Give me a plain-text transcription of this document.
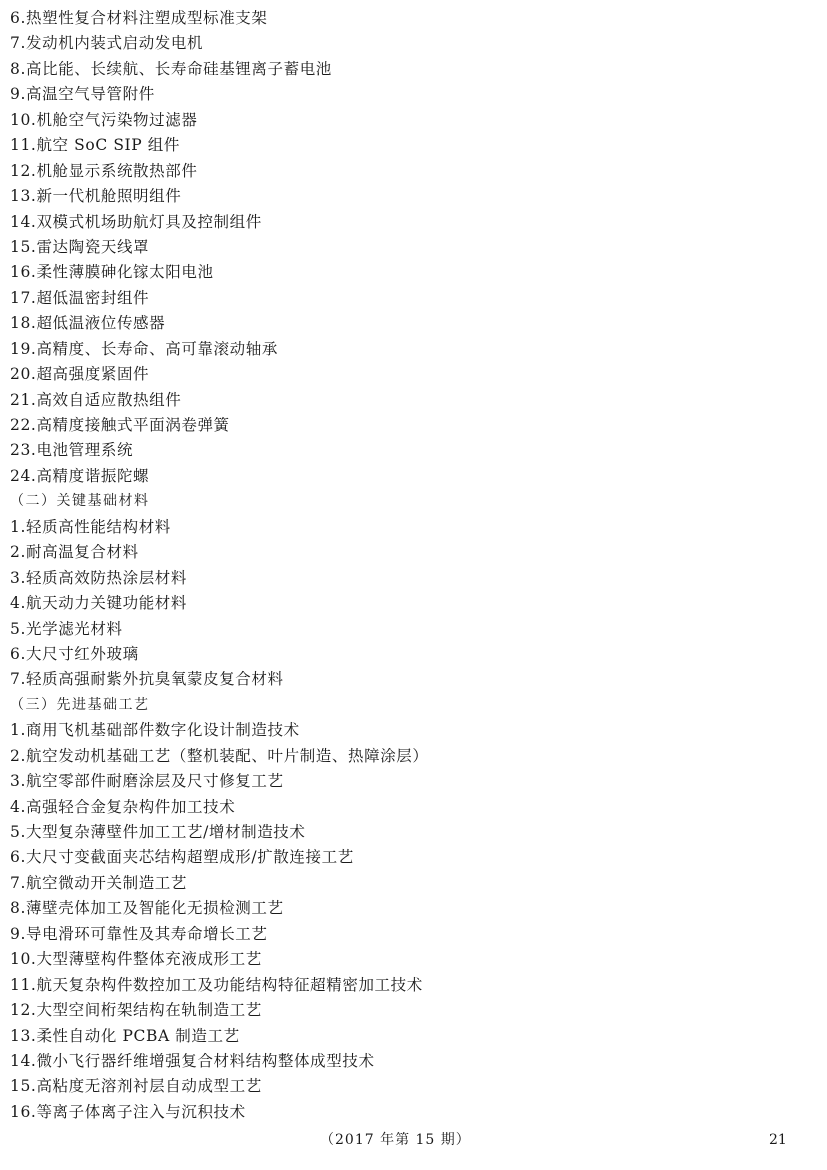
6.热塑性复合材料注塑成型标准支架
7.发动机内装式启动发电机
8.高比能、长续航、长寿命硅基锂离子蓄电池
9.高温空气导管附件
10.机舱空气污染物过滤器
11.航空 SoC SIP 组件
12.机舱显示系统散热部件
13.新一代机舱照明组件
14.双模式机场助航灯具及控制组件
15.雷达陶瓷天线罩
16.柔性薄膜砷化镓太阳电池
17.超低温密封组件
18.超低温液位传感器
19.高精度、长寿命、高可靠滚动轴承
20.超高强度紧固件
21.高效自适应散热组件
22.高精度接触式平面涡卷弹簧
23.电池管理系统
24.高精度谐振陀螺
（二）关键基础材料
1.轻质高性能结构材料
2.耐高温复合材料
3.轻质高效防热涂层材料
4.航天动力关键功能材料
5.光学滤光材料
6.大尺寸红外玻璃
7.轻质高强耐紫外抗臭氧蒙皮复合材料
（三）先进基础工艺
1.商用飞机基础部件数字化设计制造技术
2.航空发动机基础工艺（整机装配、叶片制造、热障涂层）
3.航空零部件耐磨涂层及尺寸修复工艺
4.高强轻合金复杂构件加工技术
5.大型复杂薄壁件加工工艺/增材制造技术
6.大尺寸变截面夹芯结构超塑成形/扩散连接工艺
7.航空微动开关制造工艺
8.薄壁壳体加工及智能化无损检测工艺
9.导电滑环可靠性及其寿命增长工艺
10.大型薄壁构件整体充液成形工艺
11.航天复杂构件数控加工及功能结构特征超精密加工技术
12.大型空间桁架结构在轨制造工艺
13.柔性自动化 PCBA 制造工艺
14.微小飞行器纤维增强复合材料结构整体成型技术
15.高粘度无溶剂衬层自动成型工艺
16.等离子体离子注入与沉积技术
（2017 年第 15 期）	21
